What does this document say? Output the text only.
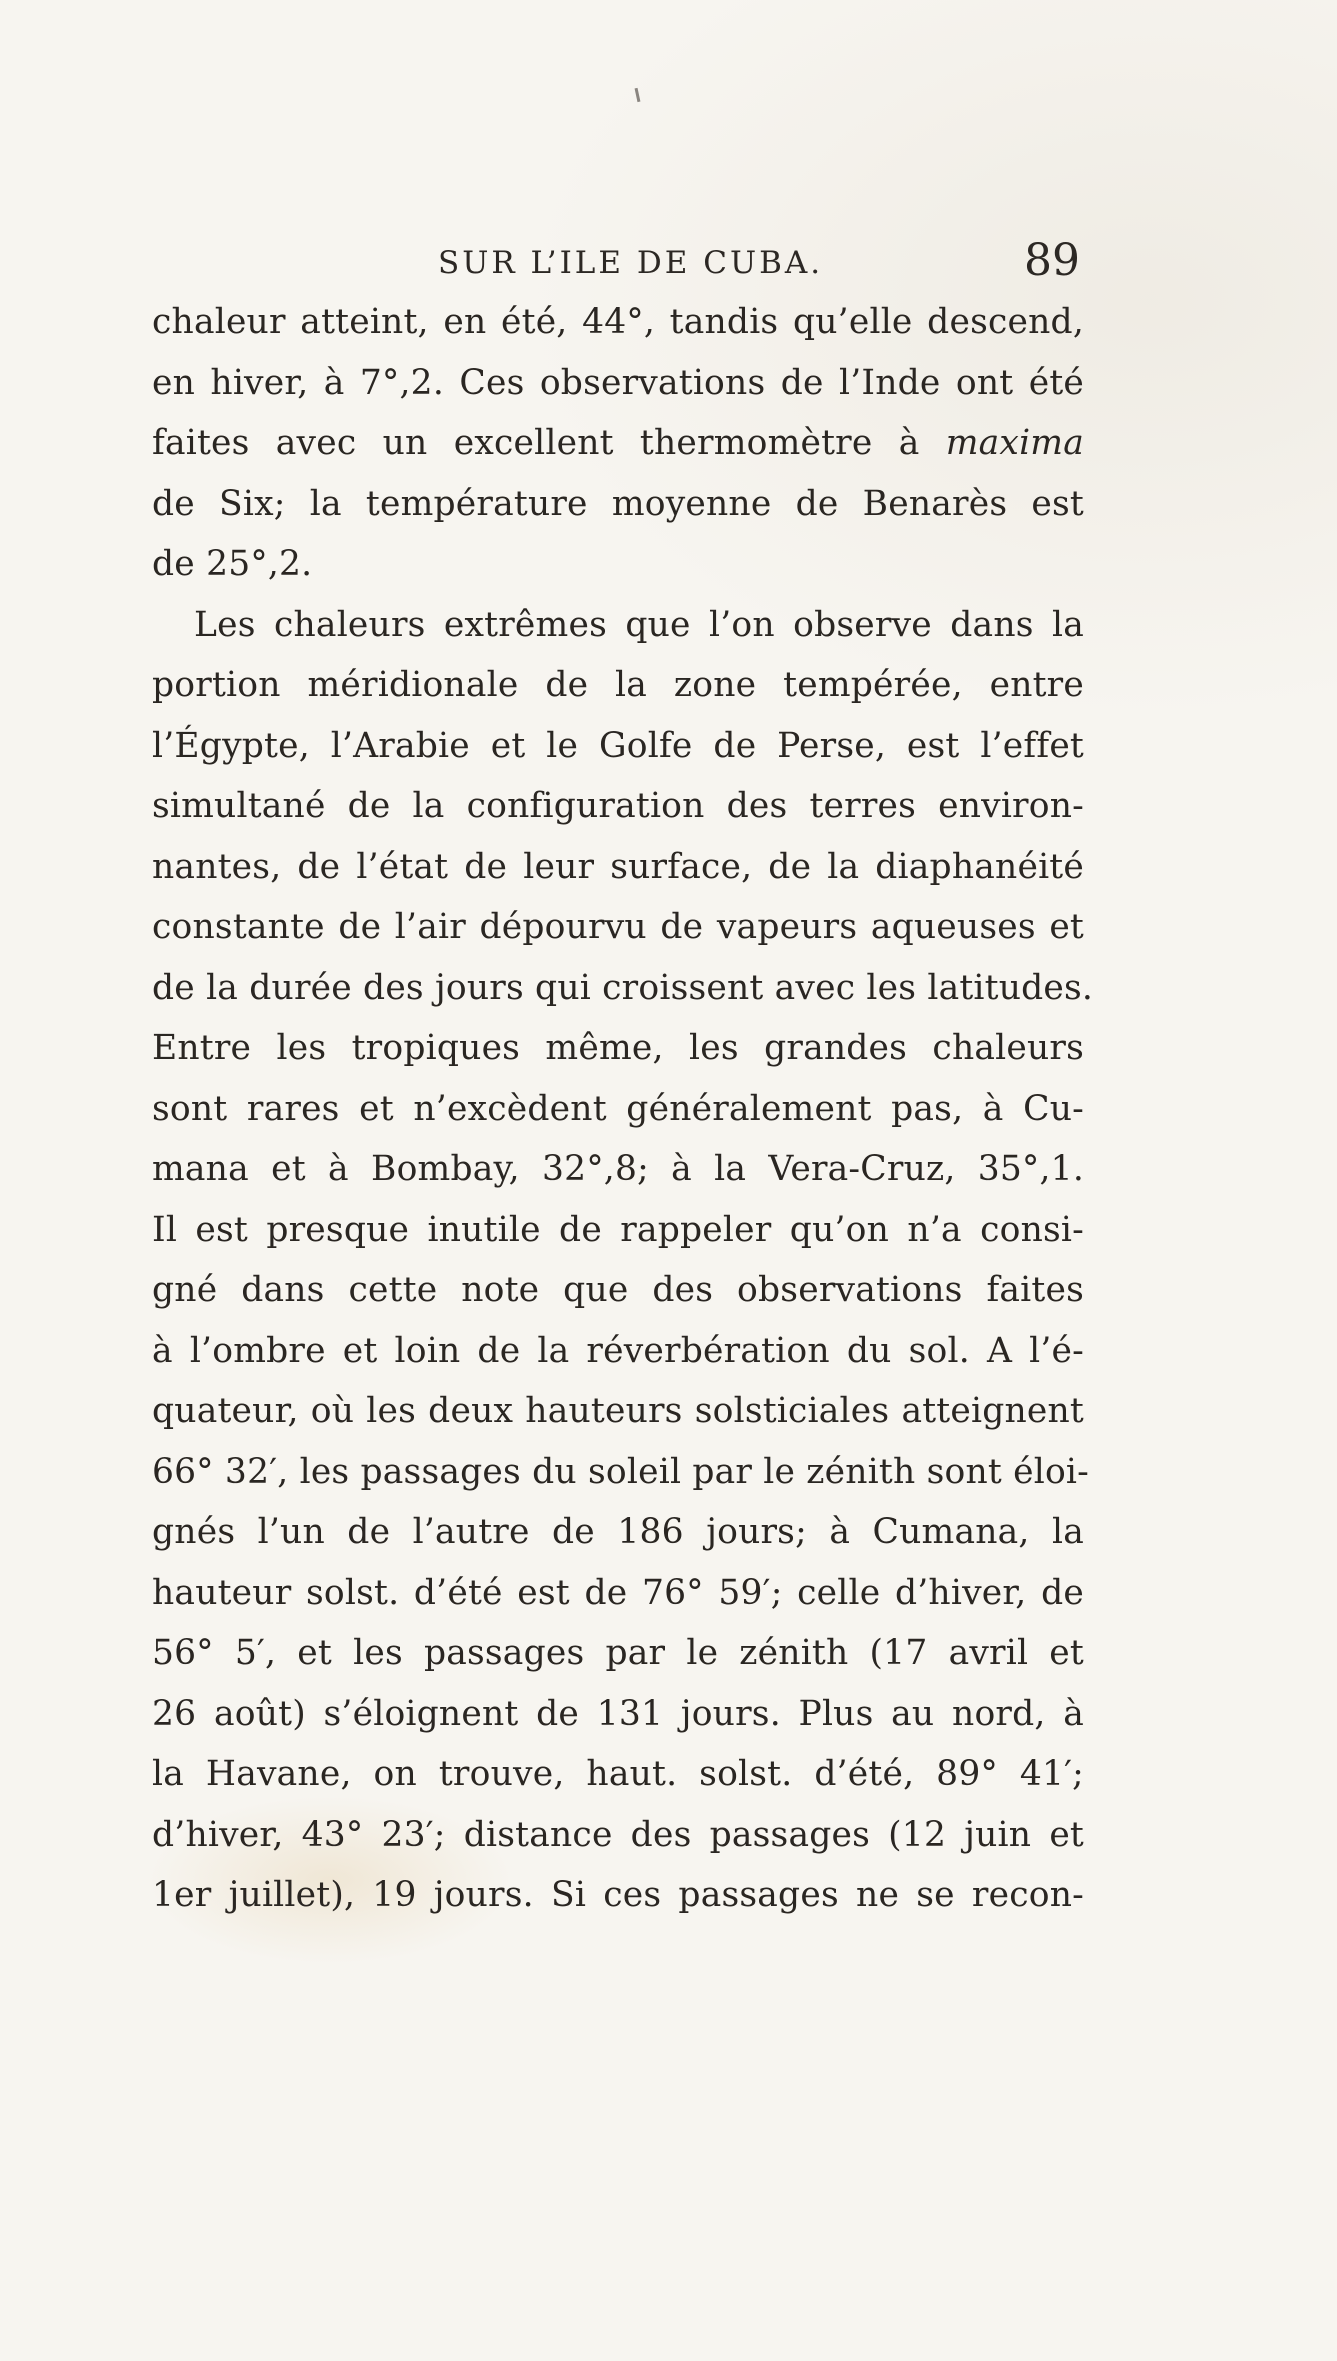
SUR L’ILE DE CUBA.	89
chaleur atteint, en été, 44°, tandis qu’elle descend,
en hiver, à 7°,2. Ces observations de l’Inde ont été
faites avec un excellent thermomètre à maxima
de Six; la température moyenne de Benarès est
de 25°,2.
Les chaleurs extrêmes que l’on observe dans la
portion méridionale de la zone tempérée, entre
l’Égypte, l’Arabie et le Golfe de Perse, est l’effet
simultané de la configuration des terres environ-
nantes, de l’état de leur surface, de la diaphanéité
constante de l’air dépourvu de vapeurs aqueuses et
de la durée des jours qui croissent avec les latitudes.
Entre les tropiques même, les grandes chaleurs
sont rares et n’excèdent généralement pas, à Cu-
mana et à Bombay, 32°,8; à la Vera-Cruz, 35°,1.
Il est presque inutile de rappeler qu’on n’a consi-
gné dans cette note que des observations faites
à l’ombre et loin de la réverbération du sol. A l’é-
quateur, où les deux hauteurs solsticiales atteignent
66° 32′, les passages du soleil par le zénith sont éloi-
gnés l’un de l’autre de 186 jours; à Cumana, la
hauteur solst. d’été est de 76° 59′; celle d’hiver, de
56° 5′, et les passages par le zénith (17 avril et
26 août) s’éloignent de 131 jours. Plus au nord, à
la Havane, on trouve, haut. solst. d’été, 89° 41′;
d’hiver, 43° 23′; distance des passages (12 juin et
1er juillet), 19 jours. Si ces passages ne se recon-
